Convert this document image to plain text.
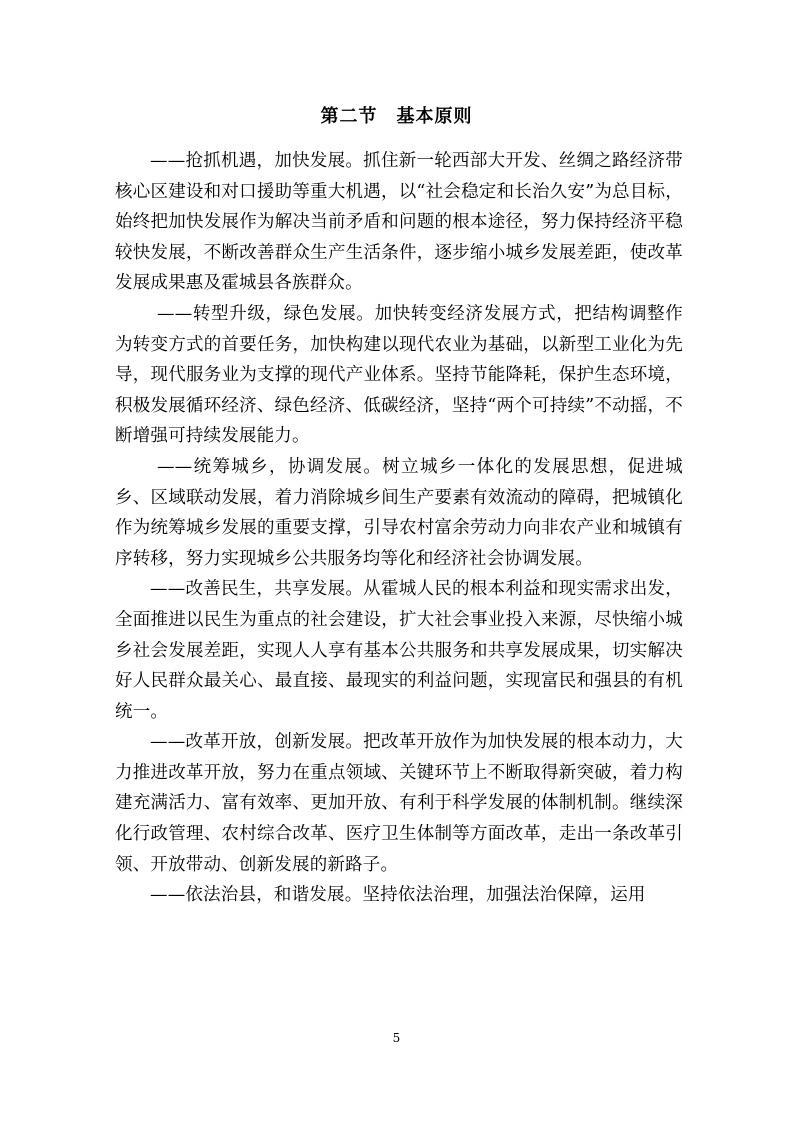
第二节　基本原则

——抢抓机遇，加快发展。抓住新一轮西部大开发、丝绸之路经济带核心区建设和对口援助等重大机遇，以“社会稳定和长治久安”为总目标，始终把加快发展作为解决当前矛盾和问题的根本途径，努力保持经济平稳较快发展，不断改善群众生产生活条件，逐步缩小城乡发展差距，使改革发展成果惠及霍城县各族群众。

——转型升级，绿色发展。加快转变经济发展方式，把结构调整作为转变方式的首要任务，加快构建以现代农业为基础，以新型工业化为先导，现代服务业为支撑的现代产业体系。坚持节能降耗，保护生态环境，积极发展循环经济、绿色经济、低碳经济，坚持“两个可持续”不动摇，不断增强可持续发展能力。

——统筹城乡，协调发展。树立城乡一体化的发展思想，促进城乡、区域联动发展，着力消除城乡间生产要素有效流动的障碍，把城镇化作为统筹城乡发展的重要支撑，引导农村富余劳动力向非农产业和城镇有序转移，努力实现城乡公共服务均等化和经济社会协调发展。

——改善民生，共享发展。从霍城人民的根本利益和现实需求出发，全面推进以民生为重点的社会建设，扩大社会事业投入来源，尽快缩小城乡社会发展差距，实现人人享有基本公共服务和共享发展成果，切实解决好人民群众最关心、最直接、最现实的利益问题，实现富民和强县的有机统一。

——改革开放，创新发展。把改革开放作为加快发展的根本动力，大力推进改革开放，努力在重点领域、关键环节上不断取得新突破，着力构建充满活力、富有效率、更加开放、有利于科学发展的体制机制。继续深化行政管理、农村综合改革、医疗卫生体制等方面改革，走出一条改革引领、开放带动、创新发展的新路子。

——依法治县，和谐发展。坚持依法治理，加强法治保障，运用

5
